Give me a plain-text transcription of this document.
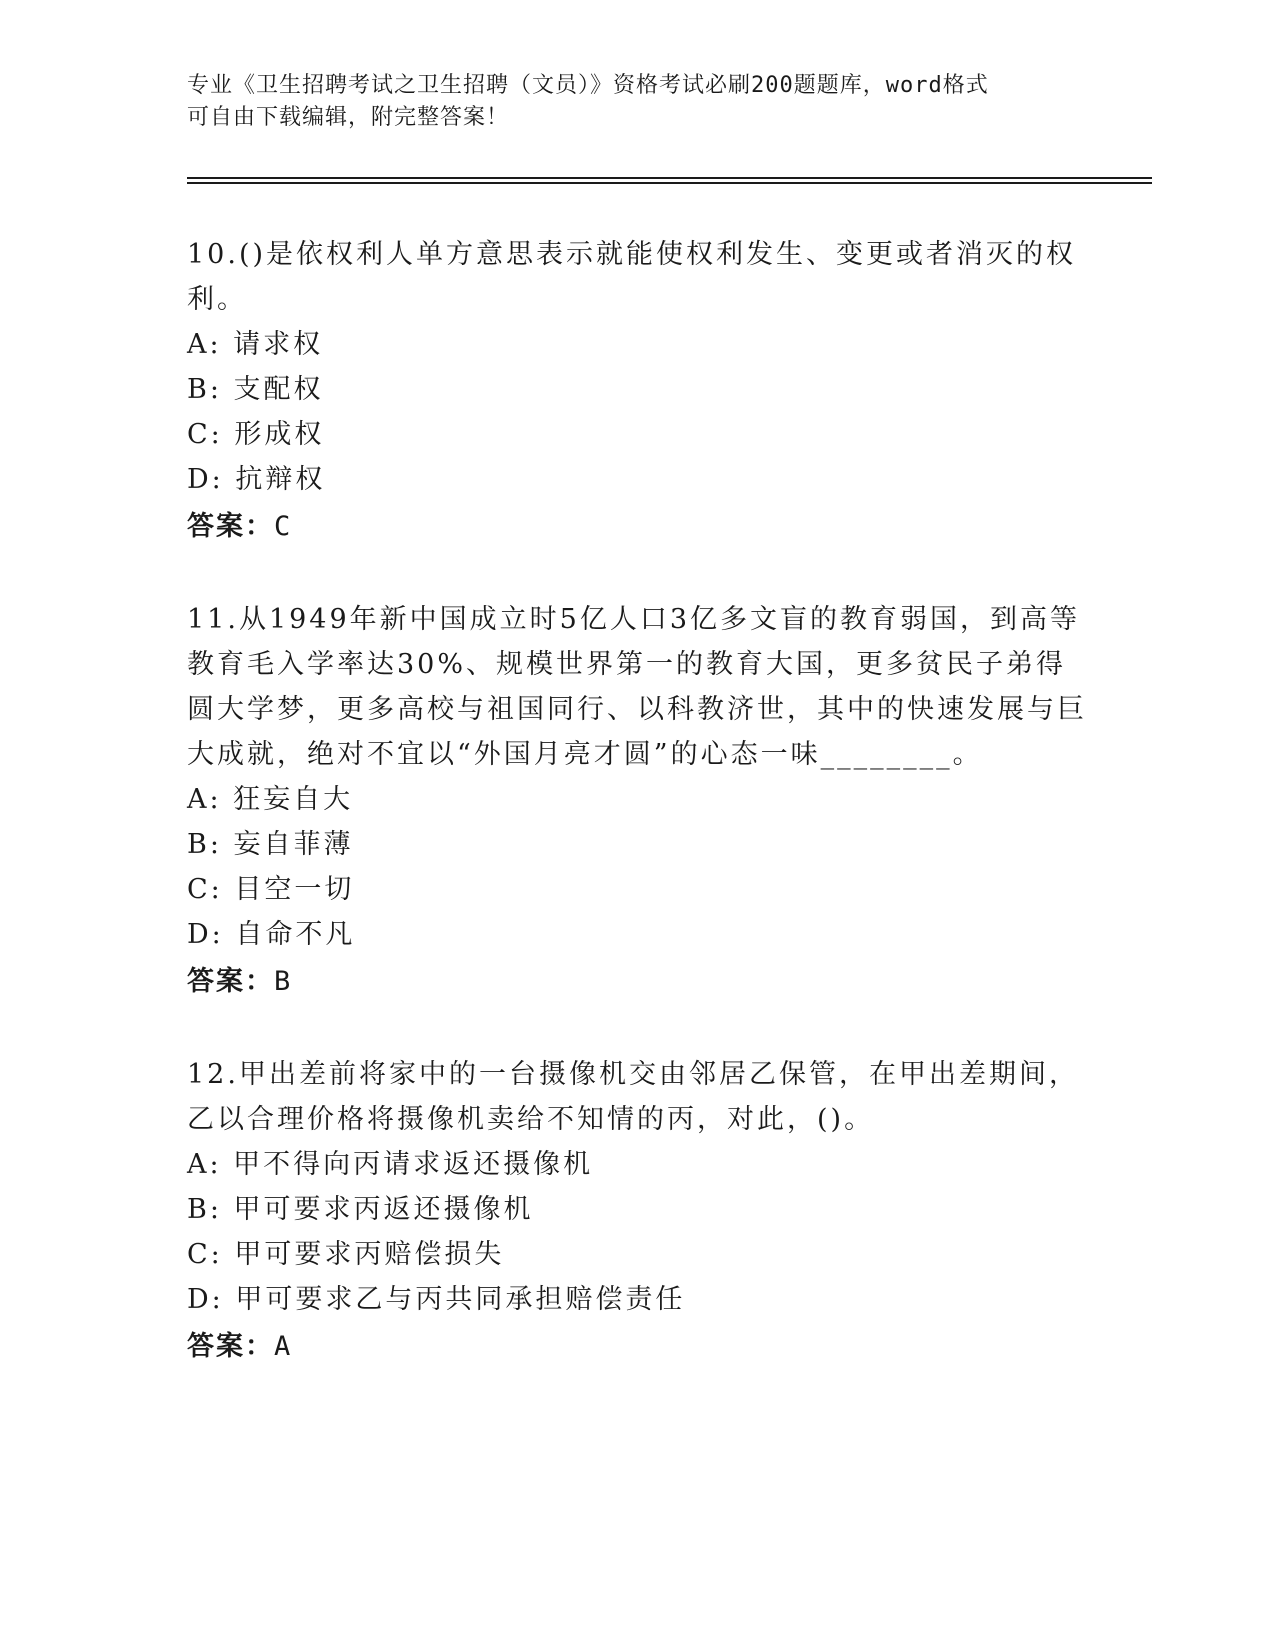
专业《卫生招聘考试之卫生招聘（文员）》资格考试必刷200题题库，word格式
可自由下载编辑，附完整答案！

10.()是依权利人单方意思表示就能使权利发生、变更或者消灭的权利。

A: 请求权
B: 支配权
C: 形成权
D: 抗辩权
答案：C

11.从1949年新中国成立时5亿人口3亿多文盲的教育弱国，到高等教育毛入学率达30%、规模世界第一的教育大国，更多贫民子弟得圆大学梦，更多高校与祖国同行、以科教济世，其中的快速发展与巨大成就，绝对不宜以“外国月亮才圆”的心态一味________。

A: 狂妄自大
B: 妄自菲薄
C: 目空一切
D: 自命不凡
答案：B

12.甲出差前将家中的一台摄像机交由邻居乙保管，在甲出差期间，乙以合理价格将摄像机卖给不知情的丙，对此，()。

A: 甲不得向丙请求返还摄像机
B: 甲可要求丙返还摄像机
C: 甲可要求丙赔偿损失
D: 甲可要求乙与丙共同承担赔偿责任
答案：A
